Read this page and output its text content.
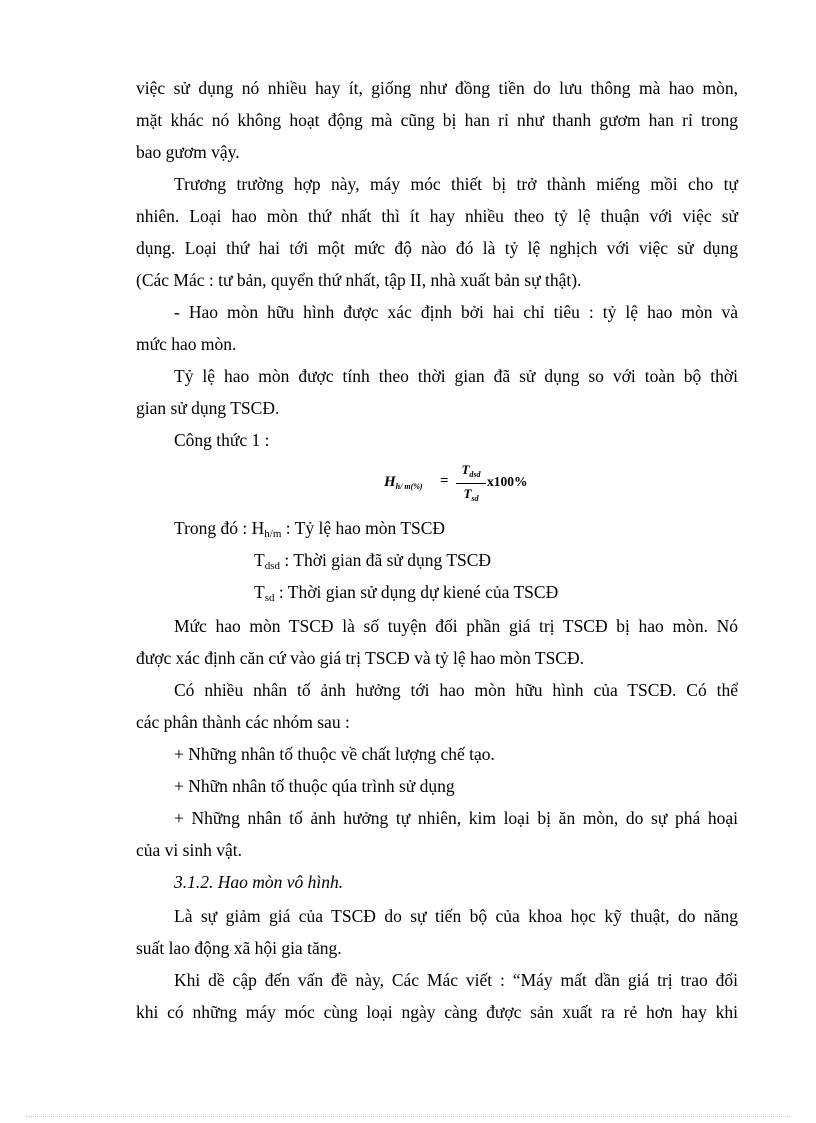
việc sử dụng nó nhiều hay ít, giống như đồng tiền do lưu thông mà hao mòn,
mặt khác nó không hoạt động mà cũng bị han rỉ như thanh gươm han rỉ trong
bao gươm vậy.
Trương trường hợp này, máy móc thiết bị trở thành miếng mồi cho tự
nhiên. Loại hao mòn thứ nhất thì ít hay nhiều theo tỷ lệ thuận với việc sử
dụng. Loại thứ hai tới một mức độ nào đó là tỷ lệ nghịch với việc sử dụng
(Các Mác : tư bản, quyển thứ nhất, tập II, nhà xuất bản sự thật).
- Hao mòn hữu hình được xác định bởi hai chỉ tiêu : tỷ lệ hao mòn và
mức hao mòn.
Tỷ lệ hao mòn được tính theo thời gian đã sử dụng so với toàn bộ thời
gian sử dụng TSCĐ.
Công thức 1 :
Trong đó : $H_{h/m}$ : Tỷ lệ hao mòn TSCĐ
$T_{dsd}$ : Thời gian đã sử dụng TSCĐ
$T_{sd}$ : Thời gian sử dụng dự kiené của TSCĐ
Mức hao mòn TSCĐ là số tuyện đối phần giá trị TSCĐ bị hao mòn. Nó
được xác định căn cứ vào giá trị TSCĐ và tỷ lệ hao mòn TSCĐ.
Có nhiều nhân tố ảnh hưởng tới hao mòn hữu hình của TSCĐ. Có thể
các phân thành các nhóm sau :
+ Những nhân tố thuộc về chất lượng chế tạo.
+ Nhữn nhân tố thuộc qúa trình sử dụng
+ Những nhân tố ảnh hưởng tự nhiên, kim loại bị ăn mòn, do sự phá hoại
của vi sinh vật.
3.1.2. Hao mòn vô hình.
Là sự giảm giá của TSCĐ do sự tiến bộ của khoa học kỹ thuật, do năng
suất lao động xã hội gia tăng.
Khi dề cập đến vấn đề này, Các Mác viết : “Máy mất dần giá trị trao đổi
khi có những máy móc cùng loại ngày càng được sản xuất ra rẻ hơn hay khi
$H_{h/ m(\%)}$ =
$T_{dsd}$
$T_{sd}$
x100%
